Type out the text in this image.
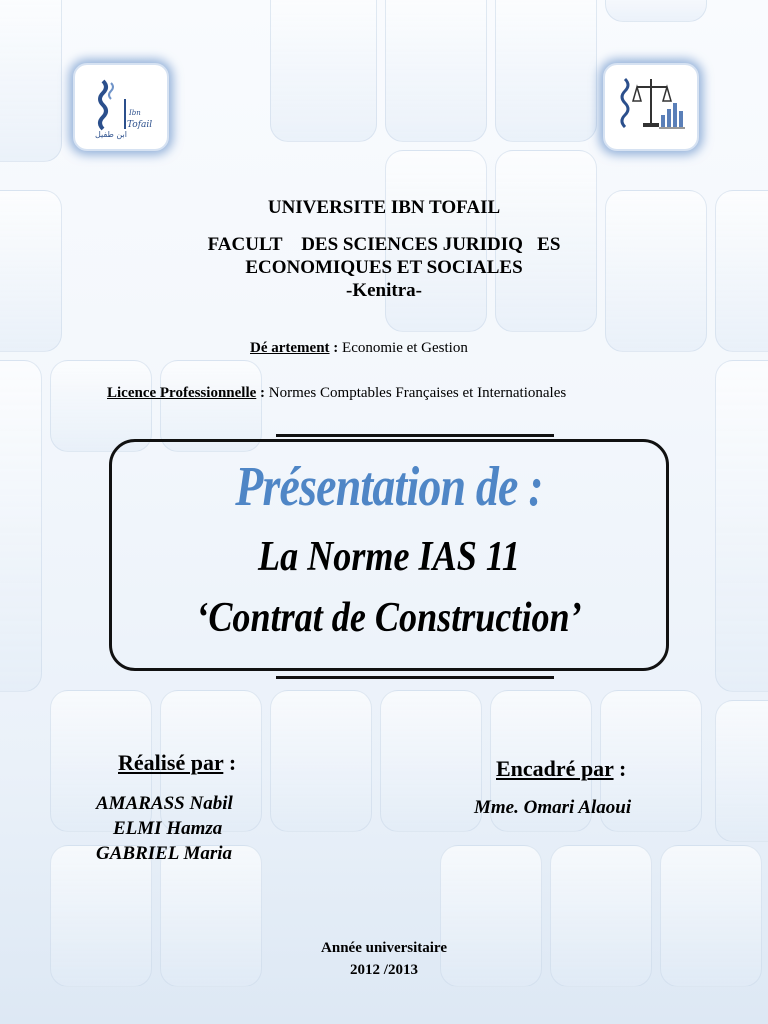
Ibn
Tofail
ابن طفيل
UNIVERSITE IBN TOFAIL
FACULT    DES SCIENCES JURIDIQ   ES
ECONOMIQUES ET SOCIALES
-Kenitra-
Dé artement : Economie et Gestion
Licence Professionnelle : Normes Comptables Françaises et Internationales
Présentation de :
La Norme IAS 11
‘Contrat de Construction’
Réalisé par :
AMARASS Nabil
ELMI Hamza
GABRIEL Maria
Encadré par :
Mme. Omari Alaoui
Année universitaire
2012 /2013
